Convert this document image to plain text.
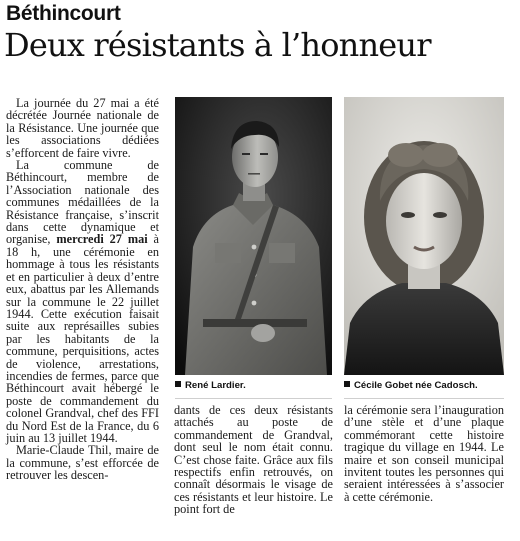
Béthincourt
Deux résistants à l’honneur

La journée du 27 mai a été décrétée Journée nationale de la Résistance. Une journée que les associations dédiées s’efforcent de faire vivre.

La commune de Béthincourt, membre de l’Association nationale des communes médaillées de la Résistance française, s’inscrit dans cette dynamique et organise, mercredi 27 mai à 18 h, une cérémonie en hommage à tous les résistants et en particulier à deux d’entre eux, abattus par les Allemands sur la commune le 22 juillet 1944. Cette exécution faisait suite aux représailles subies par les habitants de la commune, perquisitions, actes de violence, arrestations, incendies de fermes, parce que Béthincourt avait hébergé le poste de commandement du colonel Grandval, chef des FFI du Nord Est de la France, du 6 juin au 13 juillet 1944.

Marie-Claude Thil, maire de la commune, s’est efforcée de retrouver les descen-

René Lardier.	Cécile Gobet née Cadosch.

dants de ces deux résistants attachés au poste de commandement de Grandval, dont seul le nom était connu. C’est chose faite. Grâce aux fils respectifs enfin retrouvés, on connaît désormais le visage de ces résistants et leur histoire. Le point fort de

la cérémonie sera l’inauguration d’une stèle et d’une plaque commémorant cette histoire tragique du village en 1944. Le maire et son conseil municipal invitent toutes les personnes qui seraient intéressées à s’associer à cette cérémonie.
